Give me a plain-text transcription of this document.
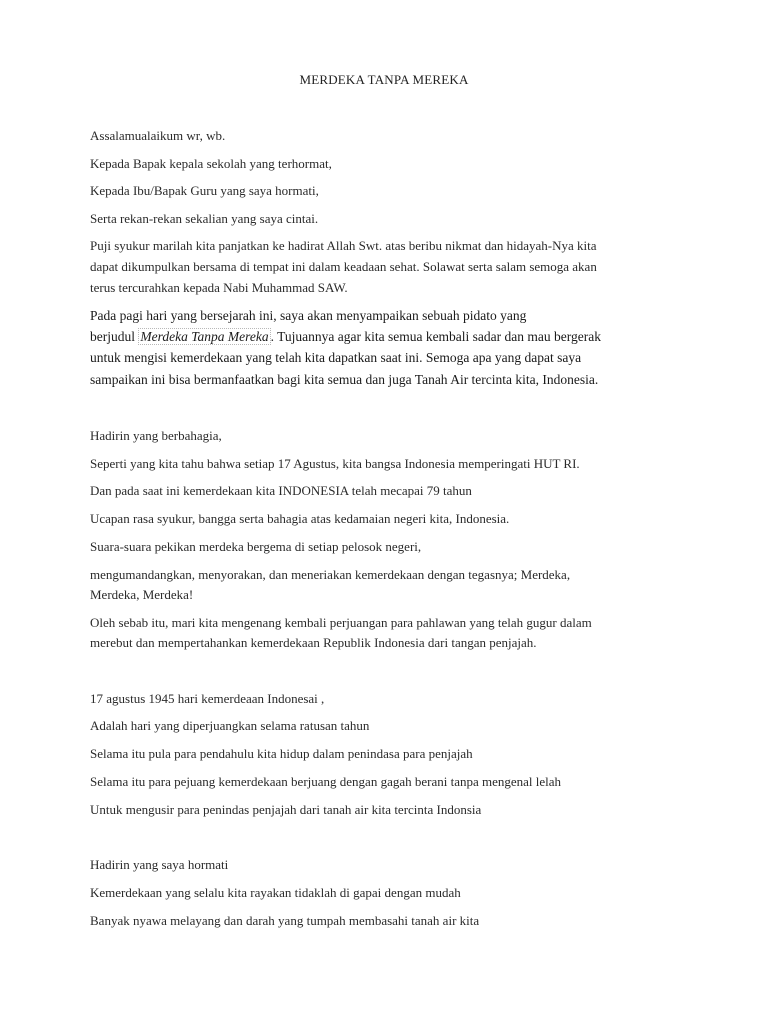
MERDEKA TANPA MEREKA
Assalamualaikum wr, wb.
Kepada Bapak kepala sekolah yang terhormat,
Kepada Ibu/Bapak Guru yang saya hormati,
Serta rekan-rekan sekalian yang saya cintai.
Puji syukur marilah kita panjatkan ke hadirat Allah Swt. atas beribu nikmat dan hidayah-Nya kita
dapat dikumpulkan bersama di tempat ini dalam keadaan sehat. Solawat serta salam semoga akan
terus tercurahkan kepada Nabi Muhammad SAW.
Pada pagi hari yang bersejarah ini, saya akan menyampaikan sebuah pidato yang
berjudul Merdeka Tanpa Mereka . Tujuannya agar kita semua kembali sadar dan mau bergerak
untuk mengisi kemerdekaan yang telah kita dapatkan saat ini. Semoga apa yang dapat saya
sampaikan ini bisa bermanfaatkan bagi kita semua dan juga Tanah Air tercinta kita, Indonesia.
Hadirin yang berbahagia,
Seperti yang kita tahu bahwa setiap 17 Agustus, kita bangsa Indonesia memperingati HUT RI.
Dan pada saat ini kemerdekaan kita INDONESIA telah mecapai 79 tahun
Ucapan rasa syukur, bangga serta bahagia atas kedamaian negeri kita, Indonesia.
Suara-suara pekikan merdeka bergema di setiap pelosok negeri,
mengumandangkan, menyorakan, dan meneriakan kemerdekaan dengan tegasnya; Merdeka,
Merdeka, Merdeka!
Oleh sebab itu, mari kita mengenang kembali perjuangan para pahlawan yang telah gugur dalam
merebut dan mempertahankan kemerdekaan Republik Indonesia dari tangan penjajah.
17 agustus 1945 hari kemerdeaan Indonesai ,
Adalah hari yang diperjuangkan selama ratusan tahun
Selama itu pula para pendahulu kita hidup dalam penindasa para penjajah
Selama itu para pejuang kemerdekaan berjuang dengan gagah berani tanpa mengenal lelah
Untuk mengusir para penindas penjajah dari tanah air kita tercinta Indonsia
Hadirin yang saya hormati
Kemerdekaan yang selalu kita rayakan tidaklah di gapai dengan mudah
Banyak nyawa melayang dan darah yang tumpah membasahi tanah air kita
